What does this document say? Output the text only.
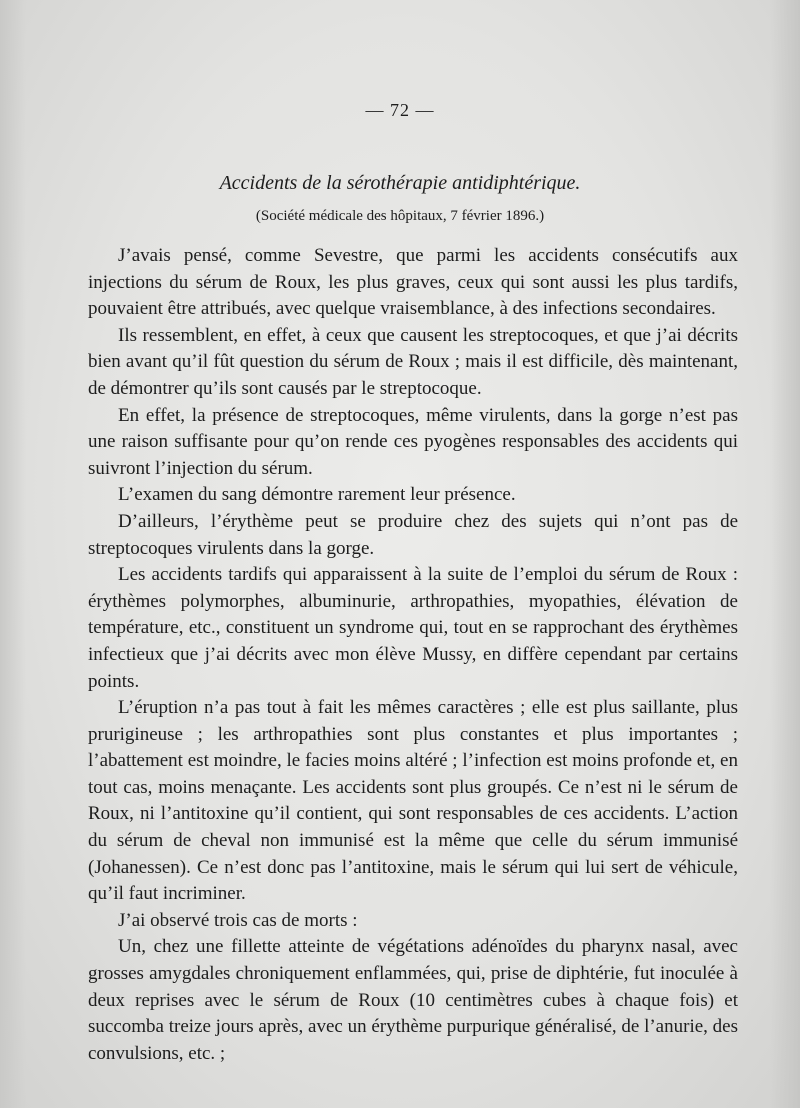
— 72 —
Accidents de la sérothérapie antidiphtérique.
(Société médicale des hôpitaux, 7 février 1896.)

J’avais pensé, comme Sevestre, que parmi les accidents consécutifs aux injections du sérum de Roux, les plus graves, ceux qui sont aussi les plus tardifs, pouvaient être attribués, avec quelque vraisemblance, à des infections secondaires.

Ils ressemblent, en effet, à ceux que causent les streptocoques, et que j’ai décrits bien avant qu’il fût question du sérum de Roux ; mais il est difficile, dès maintenant, de démontrer qu’ils sont causés par le streptocoque.

En effet, la présence de streptocoques, même virulents, dans la gorge n’est pas une raison suffisante pour qu’on rende ces pyogènes responsables des accidents qui suivront l’injection du sérum.

L’examen du sang démontre rarement leur présence.

D’ailleurs, l’érythème peut se produire chez des sujets qui n’ont pas de streptocoques virulents dans la gorge.

Les accidents tardifs qui apparaissent à la suite de l’emploi du sérum de Roux : érythèmes polymorphes, albuminurie, arthropathies, myopathies, élévation de température, etc., constituent un syndrome qui, tout en se rapprochant des érythèmes infectieux que j’ai décrits avec mon élève Mussy, en diffère cependant par certains points.

L’éruption n’a pas tout à fait les mêmes caractères ; elle est plus saillante, plus prurigineuse ; les arthropathies sont plus constantes et plus importantes ; l’abattement est moindre, le facies moins altéré ; l’infection est moins profonde et, en tout cas, moins menaçante. Les accidents sont plus groupés. Ce n’est ni le sérum de Roux, ni l’antitoxine qu’il contient, qui sont responsables de ces accidents. L’action du sérum de cheval non immunisé est la même que celle du sérum immunisé (Johanessen). Ce n’est donc pas l’antitoxine, mais le sérum qui lui sert de véhicule, qu’il faut incriminer.

J’ai observé trois cas de morts :

Un, chez une fillette atteinte de végétations adénoïdes du pharynx nasal, avec grosses amygdales chroniquement enflammées, qui, prise de diphtérie, fut inoculée à deux reprises avec le sérum de Roux (10 centimètres cubes à chaque fois) et succomba treize jours après, avec un érythème purpurique généralisé, de l’anurie, des convulsions, etc. ;
